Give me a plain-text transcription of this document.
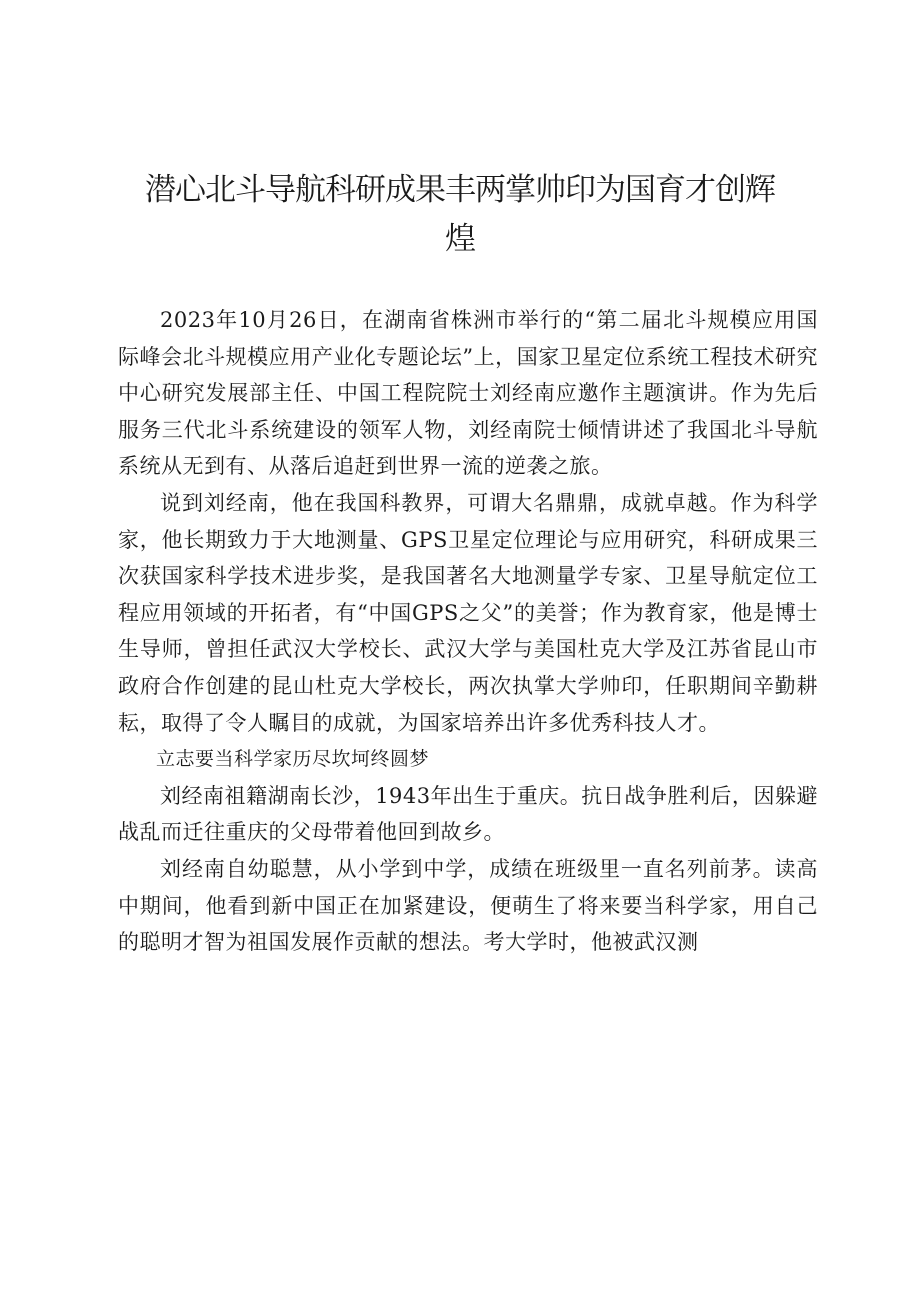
潜心北斗导航科研成果丰两掌帅印为国育才创辉煌

2023年10月26日，在湖南省株洲市举行的“第二届北斗规模应用国际峰会北斗规模应用产业化专题论坛”上，国家卫星定位系统工程技术研究中心研究发展部主任、中国工程院院士刘经南应邀作主题演讲。作为先后服务三代北斗系统建设的领军人物，刘经南院士倾情讲述了我国北斗导航系统从无到有、从落后追赶到世界一流的逆袭之旅。

说到刘经南，他在我国科教界，可谓大名鼎鼎，成就卓越。作为科学家，他长期致力于大地测量、GPS卫星定位理论与应用研究，科研成果三次获国家科学技术进步奖，是我国著名大地测量学专家、卫星导航定位工程应用领域的开拓者，有“中国GPS之父”的美誉；作为教育家，他是博士生导师，曾担任武汉大学校长、武汉大学与美国杜克大学及江苏省昆山市政府合作创建的昆山杜克大学校长，两次执掌大学帅印，任职期间辛勤耕耘，取得了令人瞩目的成就，为国家培养出许多优秀科技人才。

立志要当科学家历尽坎坷终圆梦

刘经南祖籍湖南长沙，1943年出生于重庆。抗日战争胜利后，因躲避战乱而迁往重庆的父母带着他回到故乡。

刘经南自幼聪慧，从小学到中学，成绩在班级里一直名列前茅。读高中期间，他看到新中国正在加紧建设，便萌生了将来要当科学家，用自己的聪明才智为祖国发展作贡献的想法。考大学时，他被武汉测
